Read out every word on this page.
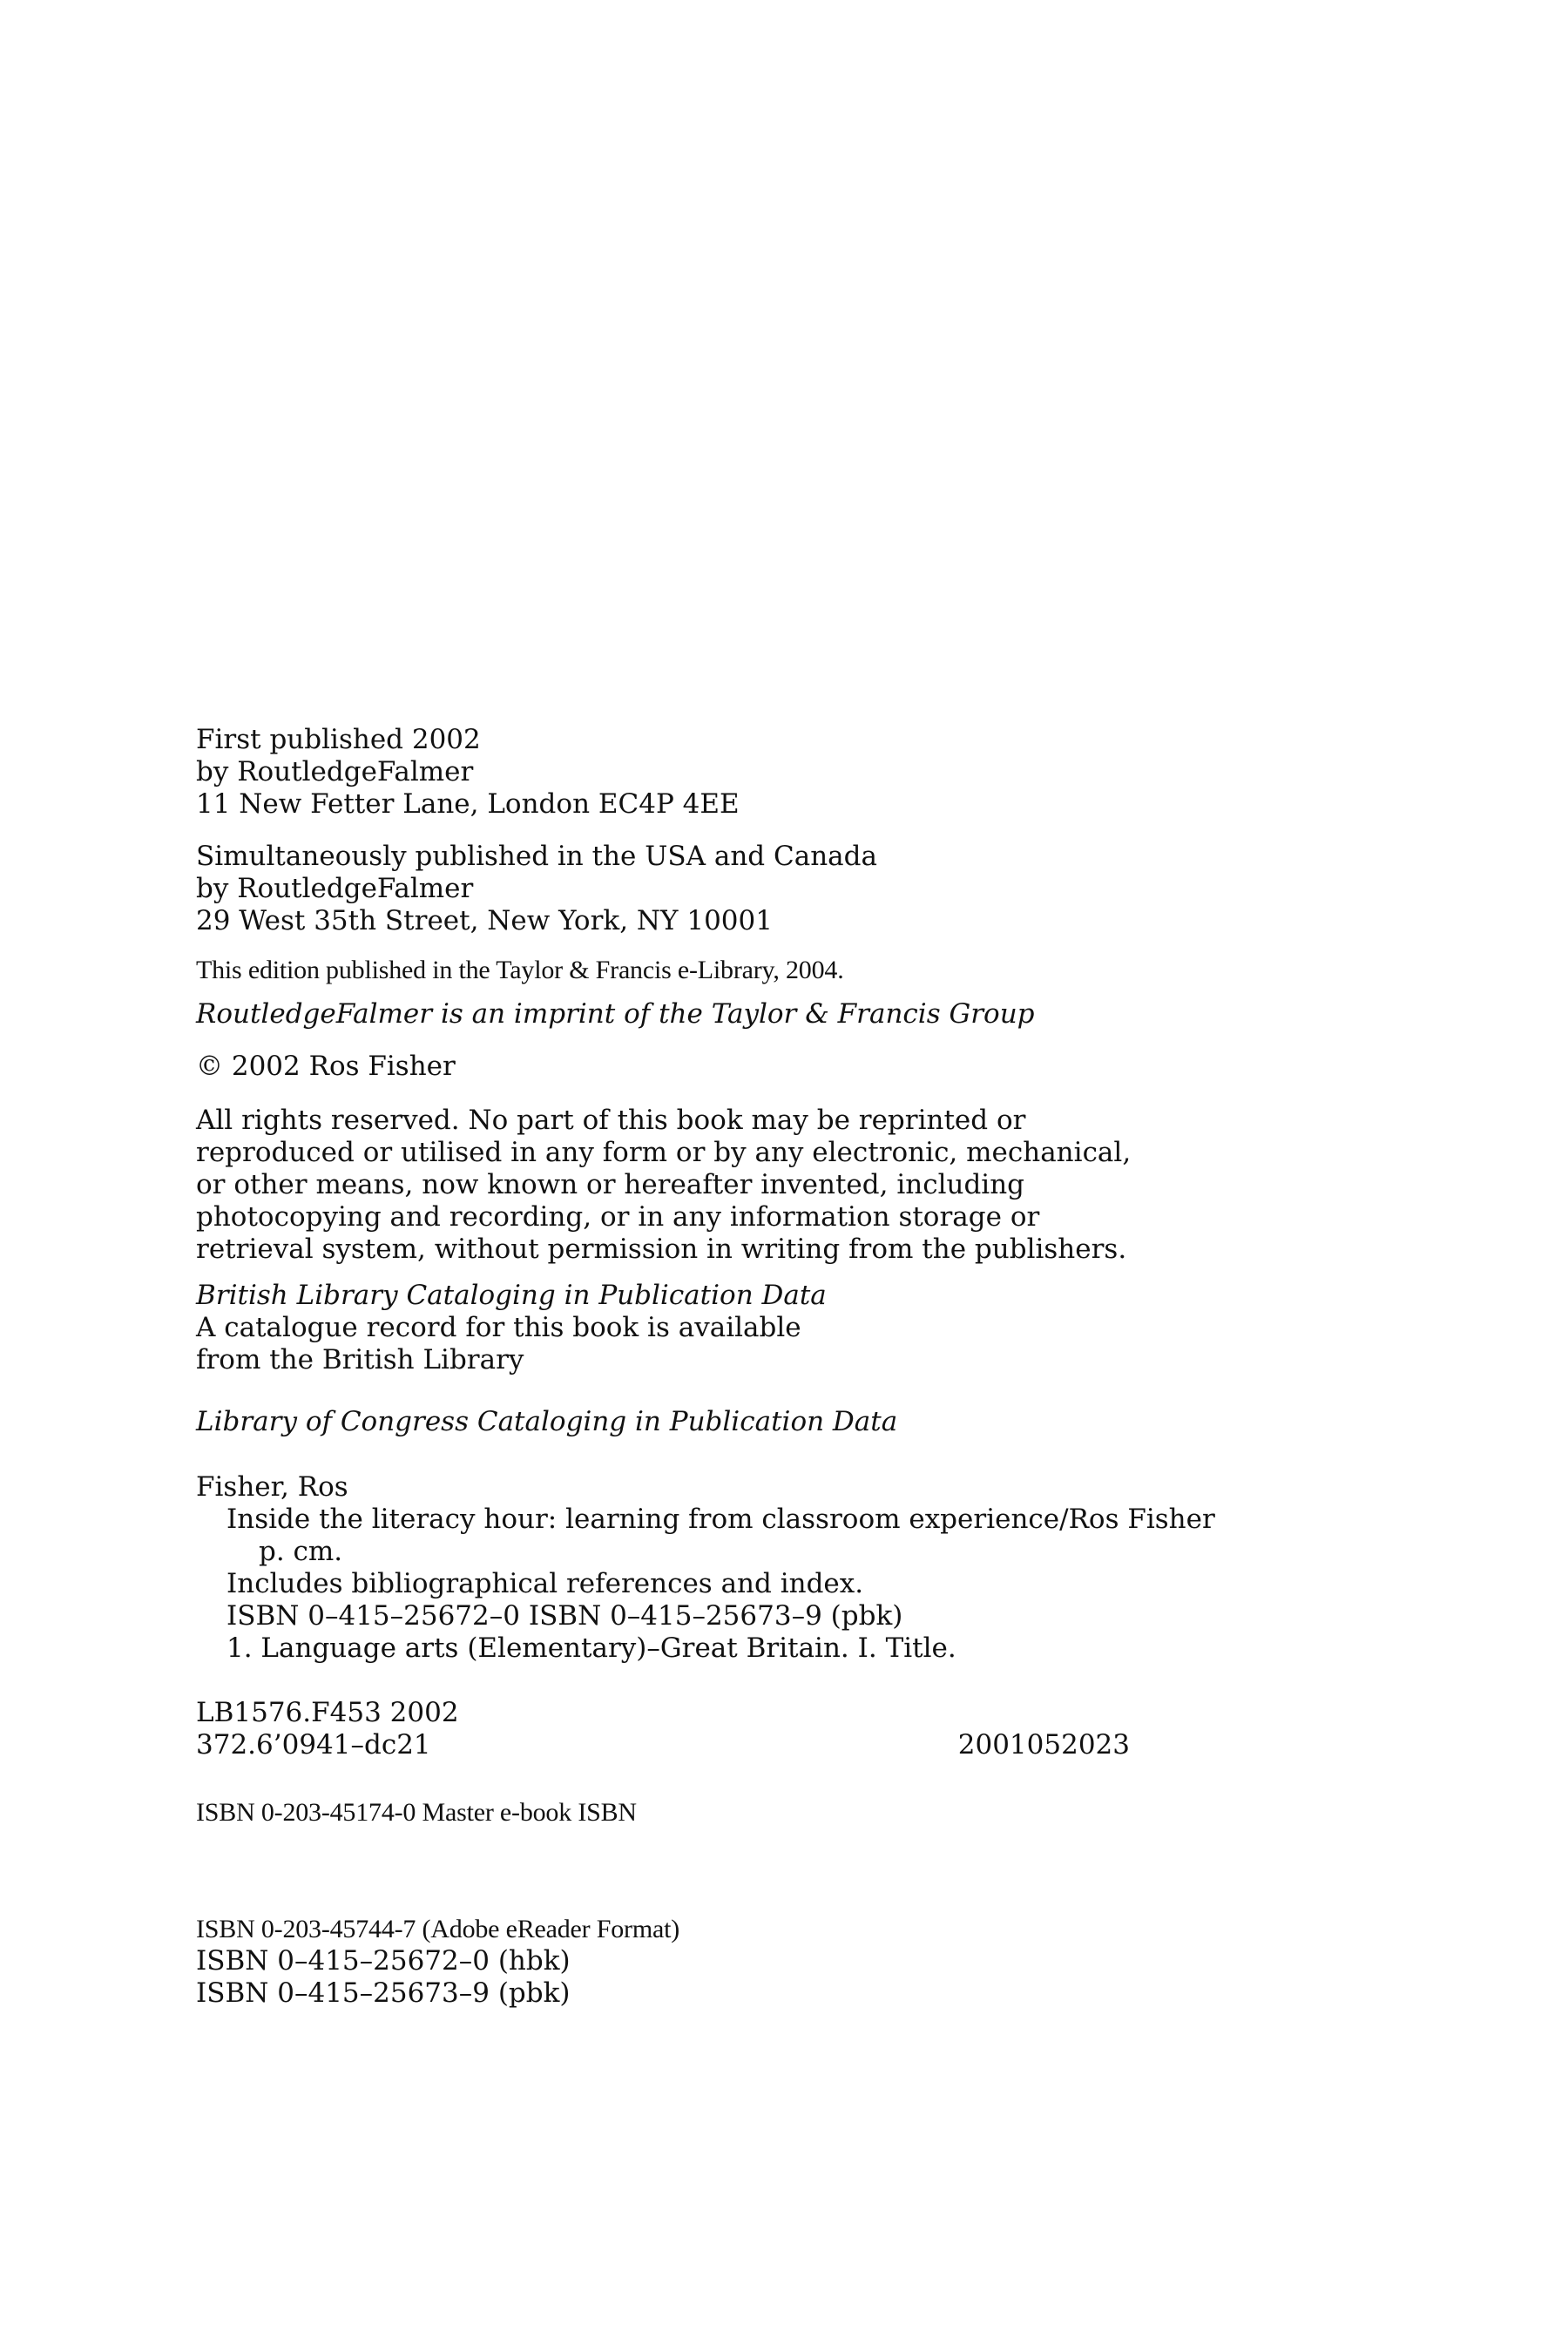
First published 2002
by RoutledgeFalmer
11 New Fetter Lane, London EC4P 4EE
Simultaneously published in the USA and Canada
by RoutledgeFalmer
29 West 35th Street, New York, NY 10001
This edition published in the Taylor & Francis e-Library, 2004.
RoutledgeFalmer is an imprint of the Taylor & Francis Group
© 2002 Ros Fisher
All rights reserved. No part of this book may be reprinted or
reproduced or utilised in any form or by any electronic, mechanical,
or other means, now known or hereafter invented, including
photocopying and recording, or in any information storage or
retrieval system, without permission in writing from the publishers.
British Library Cataloging in Publication Data
A catalogue record for this book is available
from the British Library
Library of Congress Cataloging in Publication Data
Fisher, Ros
Inside the literacy hour: learning from classroom experience/Ros Fisher
p. cm.
Includes bibliographical references and index.
ISBN 0–415–25672–0 ISBN 0–415–25673–9 (pbk)
1. Language arts (Elementary)–Great Britain. I. Title.
LB1576.F453 2002
372.6’0941–dc21	2001052023
ISBN 0-203-45174-0 Master e-book ISBN
ISBN 0-203-45744-7 (Adobe eReader Format)
ISBN 0–415–25672–0 (hbk)
ISBN 0–415–25673–9 (pbk)
